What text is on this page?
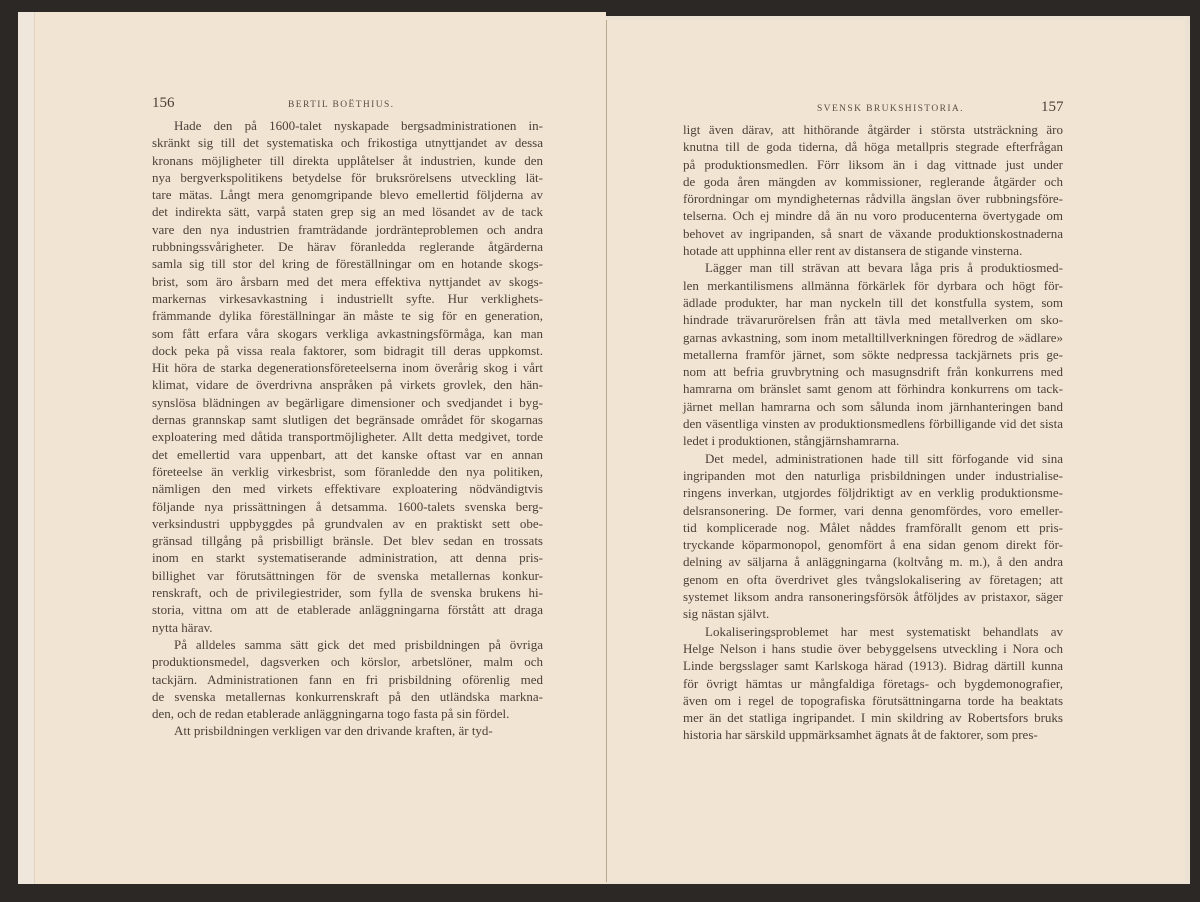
156	BERTIL BOËTHIUS.	SVENSK BRUKSHISTORIA.	157
Hade den på 1600-talet nyskapade bergsadministrationen in-
skränkt sig till det systematiska och frikostiga utnyttjandet av dessa
kronans möjligheter till direkta upplåtelser åt industrien, kunde den
nya bergverkspolitikens betydelse för bruksrörelsens utveckling lät-
tare mätas. Långt mera genomgripande blevo emellertid följderna av
det indirekta sätt, varpå staten grep sig an med lösandet av de tack
vare den nya industrien framträdande jordränteproblemen och andra
rubbningssvårigheter. De härav föranledda reglerande åtgärderna
samla sig till stor del kring de föreställningar om en hotande skogs-
brist, som äro årsbarn med det mera effektiva nyttjandet av skogs-
markernas virkesavkastning i industriellt syfte. Hur verklighets-
främmande dylika föreställningar än måste te sig för en generation,
som fått erfara våra skogars verkliga avkastningsförmåga, kan man
dock peka på vissa reala faktorer, som bidragit till deras uppkomst.
Hit höra de starka degenerationsföreteelserna inom överårig skog i vårt
klimat, vidare de överdrivna anspråken på virkets grovlek, den hän-
synslösa blädningen av begärligare dimensioner och svedjandet i byg-
dernas grannskap samt slutligen det begränsade området för skogarnas
exploatering med dåtida transportmöjligheter. Allt detta medgivet, torde
det emellertid vara uppenbart, att det kanske oftast var en annan
företeelse än verklig virkesbrist, som föranledde den nya politiken,
nämligen den med virkets effektivare exploatering nödvändigtvis
följande nya prissättningen å detsamma. 1600-talets svenska berg-
verksindustri uppbyggdes på grundvalen av en praktiskt sett obe-
gränsad tillgång på prisbilligt bränsle. Det blev sedan en trossats
inom en starkt systematiserande administration, att denna pris-
billighet var förutsättningen för de svenska metallernas konkur-
renskraft, och de privilegiestrider, som fylla de svenska brukens hi-
storia, vittna om att de etablerade anläggningarna förstått att draga
nytta härav.
På alldeles samma sätt gick det med prisbildningen på övriga
produktionsmedel, dagsverken och körslor, arbetslöner, malm och
tackjärn. Administrationen fann en fri prisbildning oförenlig med
de svenska metallernas konkurrenskraft på den utländska markna-
den, och de redan etablerade anläggningarna togo fasta på sin fördel.
Att prisbildningen verkligen var den drivande kraften, är tyd-
ligt även därav, att hithörande åtgärder i största utsträckning äro
knutna till de goda tiderna, då höga metallpris stegrade efterfrågan
på produktionsmedlen. Förr liksom än i dag vittnade just under
de goda åren mängden av kommissioner, reglerande åtgärder och
förordningar om myndigheternas rådvilla ängslan över rubbningsföre-
telserna. Och ej mindre då än nu voro producenterna övertygade om
behovet av ingripanden, så snart de växande produktionskostnaderna
hotade att upphinna eller rent av distansera de stigande vinsterna.
Lägger man till strävan att bevara låga pris å produktiosmed-
len merkantilismens allmänna förkärlek för dyrbara och högt för-
ädlade produkter, har man nyckeln till det konstfulla system, som
hindrade trävarurörelsen från att tävla med metallverken om sko-
garnas avkastning, som inom metalltillverkningen föredrog de »ädlare»
metallerna framför järnet, som sökte nedpressa tackjärnets pris ge-
nom att befria gruvbrytning och masugnsdrift från konkurrens med
hamrarna om bränslet samt genom att förhindra konkurrens om tack-
järnet mellan hamrarna och som sålunda inom järnhanteringen band
den väsentliga vinsten av produktionsmedlens förbilligande vid det sista
ledet i produktionen, stångjärnshamrarna.
Det medel, administrationen hade till sitt förfogande vid sina
ingripanden mot den naturliga prisbildningen under industrialise-
ringens inverkan, utgjordes följdriktigt av en verklig produktionsme-
delsransonering. De former, vari denna genomfördes, voro emeller-
tid komplicerade nog. Målet nåddes framförallt genom ett pris-
tryckande köparmonopol, genomfört å ena sidan genom direkt för-
delning av säljarna å anläggningarna (koltvång m. m.), å den andra
genom en ofta överdrivet gles tvångslokalisering av företagen; att
systemet liksom andra ransoneringsförsök åtföljdes av pristaxor, säger
sig nästan självt.
Lokaliseringsproblemet har mest systematiskt behandlats av
Helge Nelson i hans studie över bebyggelsens utveckling i Nora och
Linde bergsslager samt Karlskoga härad (1913). Bidrag därtill kunna
för övrigt hämtas ur mångfaldiga företags- och bygdemonografier,
även om i regel de topografiska förutsättningarna torde ha beaktats
mer än det statliga ingripandet. I min skildring av Robertsfors bruks
historia har särskild uppmärksamhet ägnats åt de faktorer, som pres-
